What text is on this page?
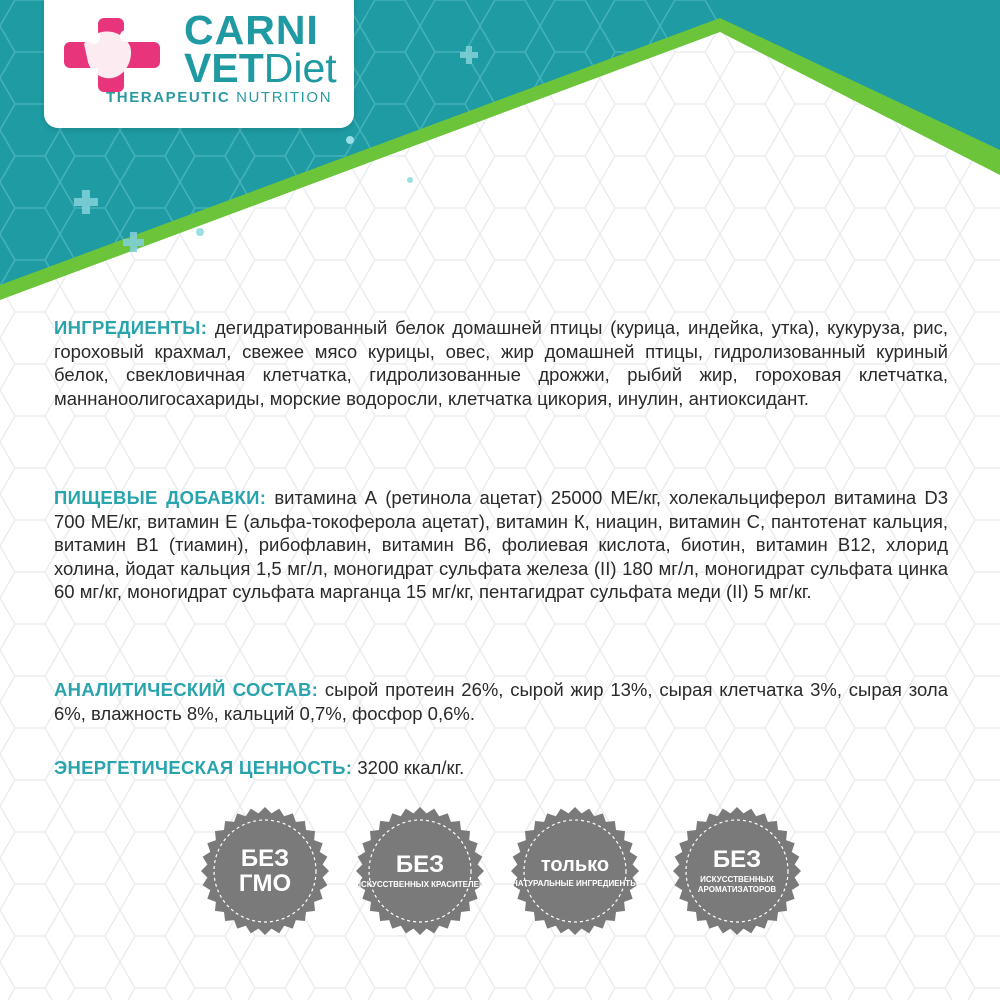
CARNI	®
VETDiet
THERAPEUTIC NUTRITION
ИНГРЕДИЕНТЫ: дегидратированный белок домашней птицы (курица, индейка, утка), кукуруза, рис, гороховый крахмал, свежее мясо курицы, овес, жир домашней птицы, гидролизованный куриный белок, свекловичная клетчатка, гидролизованные дрожжи, рыбий жир, гороховая клетчатка, маннаноолигосахариды, морские водоросли, клетчатка цикория, инулин, антиоксидант.
ПИЩЕВЫЕ ДОБАВКИ: витамина А (ретинола ацетат) 25000 МЕ/кг, холекальциферол витамина D3 700 МЕ/кг, витамин Е (альфа-токоферола ацетат), витамин К, ниацин, витамин С, пантотенат кальция, витамин B1 (тиамин), рибофлавин, витамин B6, фолиевая кислота, биотин, витамин B12, хлорид холина, йодат кальция 1,5 мг/л, моногидрат сульфата железа (II) 180 мг/л, моногидрат сульфата цинка 60 мг/кг, моногидрат сульфата марганца 15 мг/кг, пентагидрат сульфата меди (II) 5 мг/кг.
АНАЛИТИЧЕСКИЙ СОСТАВ: сырой протеин 26%, сырой жир 13%, сырая клетчатка 3%, сырая зола 6%, влажность 8%, кальций 0,7%, фосфор 0,6%.
ЭНЕРГЕТИЧЕСКАЯ ЦЕННОСТЬ: 3200 ккал/кг.
БЕЗ
ГМО
БЕЗ
ИСКУССТВЕННЫХ КРАСИТЕЛЕЙ
только
НАТУРАЛЬНЫЕ ИНГРЕДИЕНТЫ
БЕЗ
ИСКУССТВЕННЫХ АРОМАТИЗАТОРОВ
